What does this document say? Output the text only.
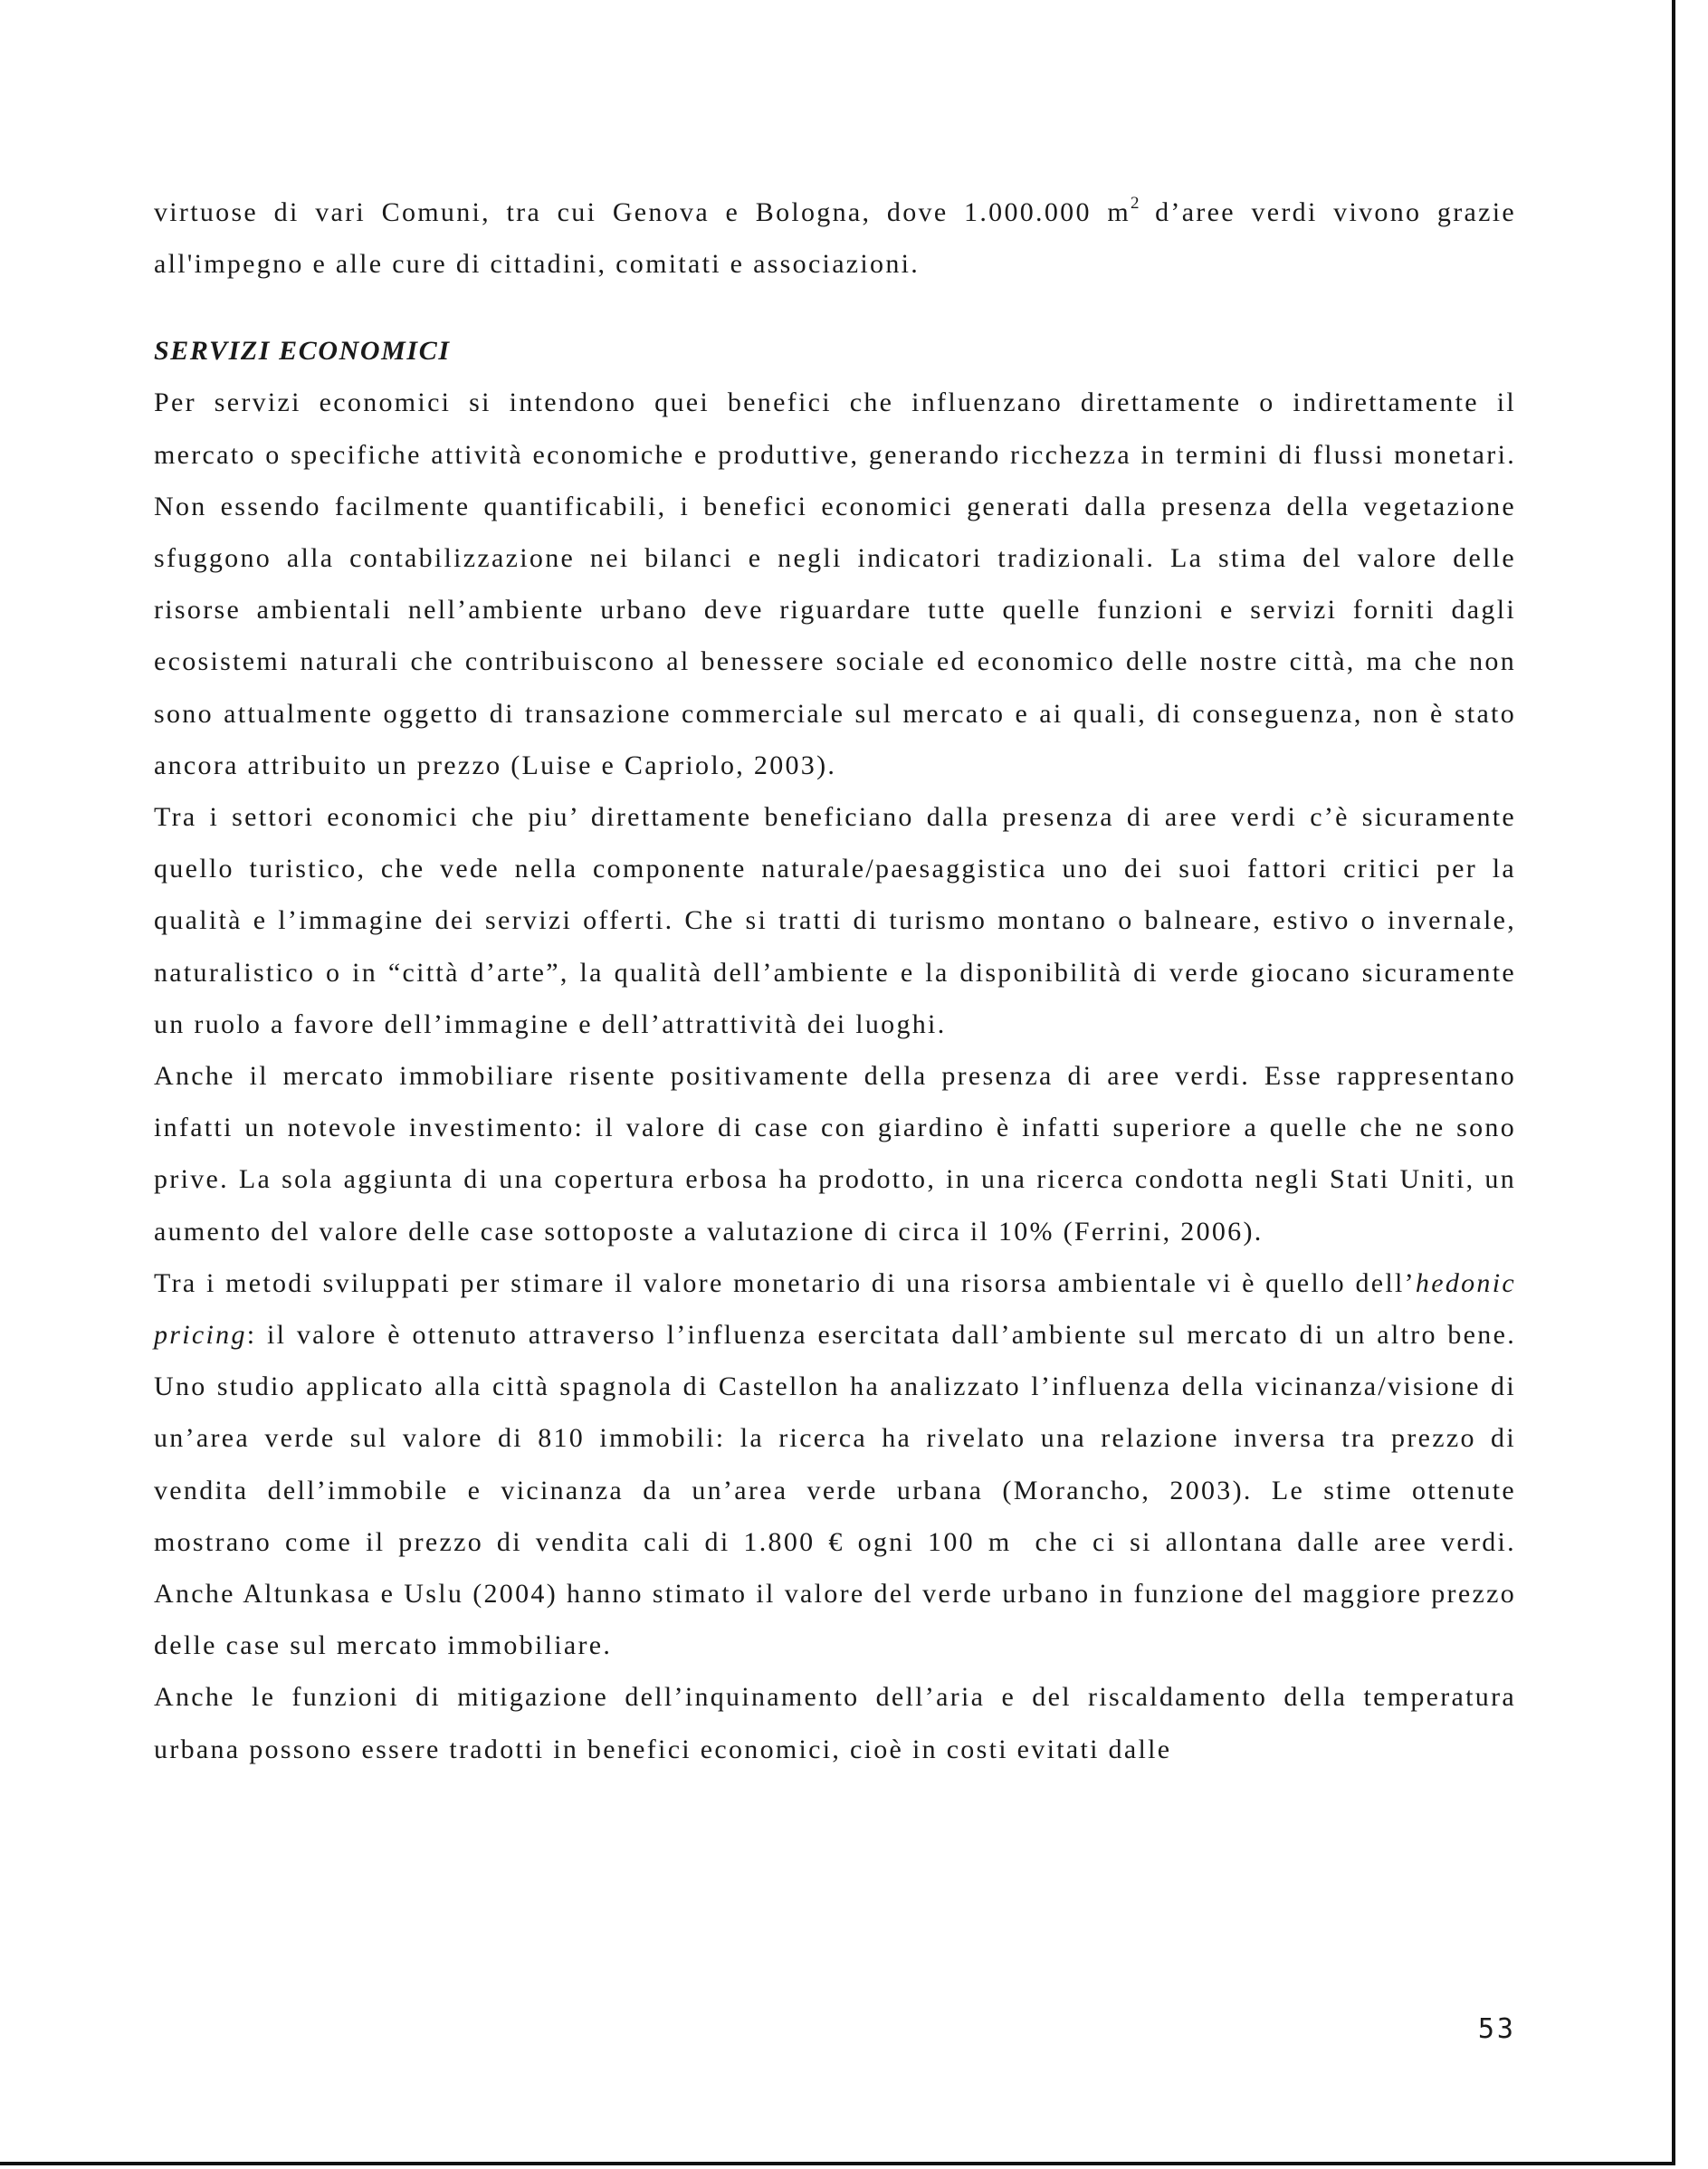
virtuose di vari Comuni, tra cui Genova e Bologna, dove 1.000.000 $m^2$ d’aree verdi vivono grazie all'impegno e alle cure di cittadini, comitati e associazioni.

SERVIZI ECONOMICI

Per servizi economici si intendono quei benefici che influenzano direttamente o indirettamente il mercato o specifiche attività economiche e produttive, generando ricchezza in termini di flussi monetari. Non essendo facilmente quantificabili, i benefici economici generati dalla presenza della vegetazione sfuggono alla contabilizzazione nei bilanci e negli indicatori tradizionali. La stima del valore delle risorse ambientali nell’ambiente urbano deve riguardare tutte quelle funzioni e servizi forniti dagli ecosistemi naturali che contribuiscono al benessere sociale ed economico delle nostre città, ma che non sono attualmente oggetto di transazione commerciale sul mercato e ai quali, di conseguenza, non è stato ancora attribuito un prezzo (Luise e Capriolo, 2003).

Tra i settori economici che piu’ direttamente beneficiano dalla presenza di aree verdi c’è sicuramente quello turistico, che vede nella componente naturale/paesaggistica uno dei suoi fattori critici per la qualità e l’immagine dei servizi offerti. Che si tratti di turismo montano o balneare, estivo o invernale, naturalistico o in “città d’arte”, la qualità dell’ambiente e la disponibilità di verde giocano sicuramente un ruolo a favore dell’immagine e dell’attrattività dei luoghi.

Anche il mercato immobiliare risente positivamente della presenza di aree verdi. Esse rappresentano infatti un notevole investimento: il valore di case con giardino è infatti superiore a quelle che ne sono prive. La sola aggiunta di una copertura erbosa ha prodotto, in una ricerca condotta negli Stati Uniti, un aumento del valore delle case sottoposte a valutazione di circa il 10% (Ferrini, 2006).

Tra i metodi sviluppati per stimare il valore monetario di una risorsa ambientale vi è quello dell’hedonic pricing: il valore è ottenuto attraverso l’influenza esercitata dall’ambiente sul mercato di un altro bene. Uno studio applicato alla città spagnola di Castellon ha analizzato l’influenza della vicinanza/visione di un’area verde sul valore di 810 immobili: la ricerca ha rivelato una relazione inversa tra prezzo di vendita dell’immobile e vicinanza da un’area verde urbana (Morancho, 2003). Le stime ottenute mostrano come il prezzo di vendita cali di 1.800 € ogni 100 m che ci si allontana dalle aree verdi. Anche Altunkasa e Uslu (2004) hanno stimato il valore del verde urbano in funzione del maggiore prezzo delle case sul mercato immobiliare.

Anche le funzioni di mitigazione dell’inquinamento dell’aria e del riscaldamento della temperatura urbana possono essere tradotti in benefici economici, cioè in costi evitati dalle

53
